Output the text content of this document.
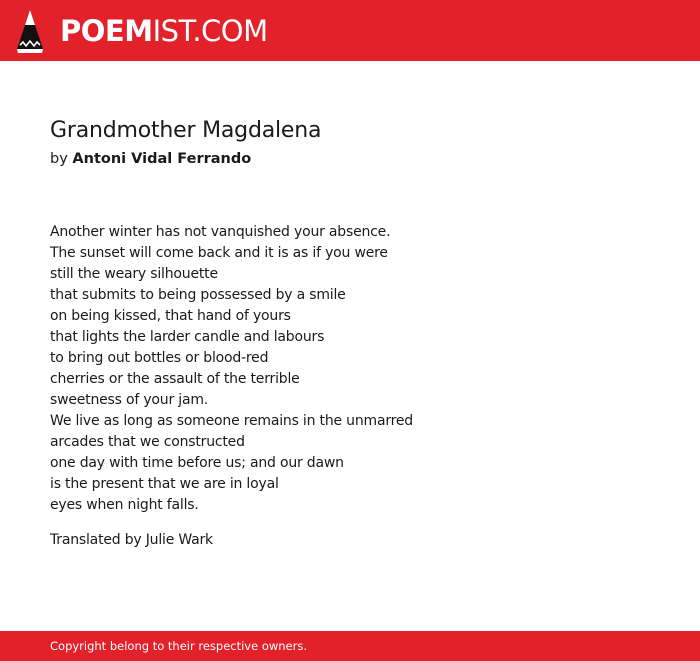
POEMIST.COM
Grandmother Magdalena
by Antoni Vidal Ferrando
Another winter has not vanquished your absence.
The sunset will come back and it is as if you were
still the weary silhouette
that submits to being possessed by a smile
on being kissed, that hand of yours
that lights the larder candle and labours
to bring out bottles or blood-red
cherries or the assault of the terrible
sweetness of your jam.
We live as long as someone remains in the unmarred
arcades that we constructed
one day with time before us; and our dawn
is the present that we are in loyal
eyes when night falls.
Translated by Julie Wark
Copyright belong to their respective owners.
